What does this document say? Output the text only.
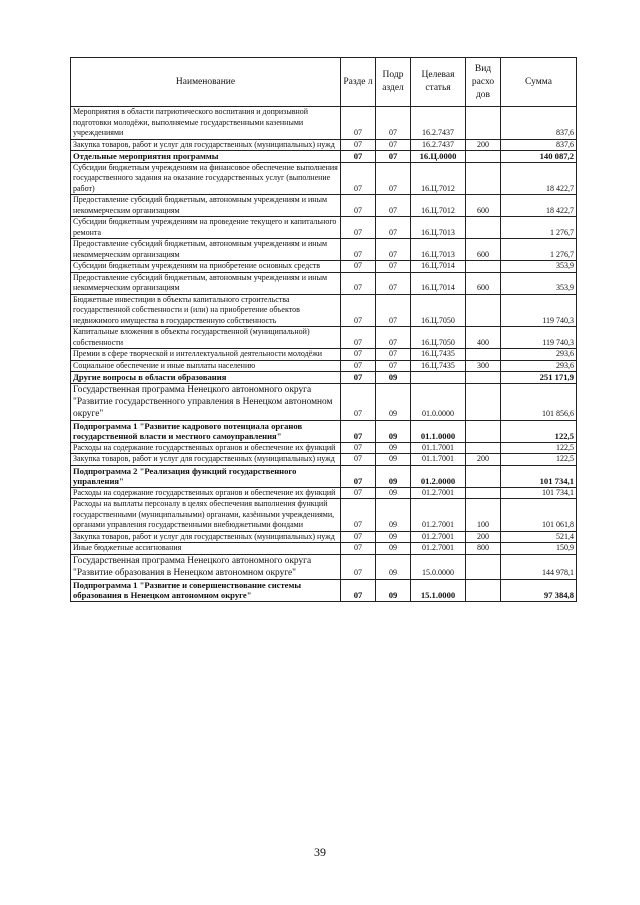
Наименование	Разде л	Подр аздел	Целевая статья	Вид расхо дов	Сумма
Мероприятия в области патриотического воспитания и допризывной подготовки молодёжи, выполняемые государственными казенными учреждениями	07	07	16.2.7437		837,6
Закупка товаров, работ и услуг для государственных (муниципальных) нужд	07	07	16.2.7437	200	837,6
Отдельные мероприятия программы	07	07	16.Ц.0000		140 087,2
Субсидии бюджетным учреждениям на финансовое обеспечение выполнения государственного задания на оказание государственных услуг (выполнение работ)	07	07	16.Ц.7012		18 422,7
Предоставление субсидий бюджетным, автономным учреждениям и иным некоммерческим организациям	07	07	16.Ц.7012	600	18 422,7
Субсидии бюджетным учреждениям на проведение текущего и капитального ремонта	07	07	16.Ц.7013		1 276,7
Предоставление субсидий бюджетным, автономным учреждениям и иным некоммерческим организациям	07	07	16.Ц.7013	600	1 276,7
Субсидии бюджетным учреждениям на приобретение основных средств	07	07	16.Ц.7014		353,9
Предоставление субсидий бюджетным, автономным учреждениям и иным некоммерческим организациям	07	07	16.Ц.7014	600	353,9
Бюджетные инвестиции в объекты капитального строительства государственной собственности и (или) на приобретение объектов недвижимого имущества в государственную собственность	07	07	16.Ц.7050		119 740,3
Капитальные вложения в объекты государственной (муниципальной) собственности	07	07	16.Ц.7050	400	119 740,3
Премии в сфере творческой и интеллектуальной деятельности молодёжи	07	07	16.Ц.7435		293,6
Социальное обеспечение и иные выплаты населению	07	07	16.Ц.7435	300	293,6
Другие вопросы в области образования	07	09			251 171,9
Государственная программа Ненецкого автономного округа "Развитие государственного управления в Ненецком автономном округе"	07	09	01.0.0000		101 856,6
Подпрограмма 1 "Развитие кадрового потенциала органов государственной власти и местного самоуправления"	07	09	01.1.0000		122,5
Расходы на содержание государственных органов и обеспечение их функций	07	09	01.1.7001		122,5
Закупка товаров, работ и услуг для государственных (муниципальных) нужд	07	09	01.1.7001	200	122,5
Подпрограмма 2 "Реализация функций государственного управления"	07	09	01.2.0000		101 734,1
Расходы на содержание государственных органов и обеспечение их функций	07	09	01.2.7001		101 734,1
Расходы на выплаты персоналу в целях обеспечения выполнения функций государственными (муниципальными) органами, казёнными учреждениями, органами управления государственными внебюджетными фондами	07	09	01.2.7001	100	101 061,8
Закупка товаров, работ и услуг для государственных (муниципальных) нужд	07	09	01.2.7001	200	521,4
Иные бюджетные ассигнования	07	09	01.2.7001	800	150,9
Государственная программа Ненецкого автономного округа "Развитие образования в Ненецком автономном округе"	07	09	15.0.0000		144 978,1
Подпрограмма 1 "Развитие и совершенствование системы образования в Ненецком автономном округе"	07	09	15.1.0000		97 384,8
39
